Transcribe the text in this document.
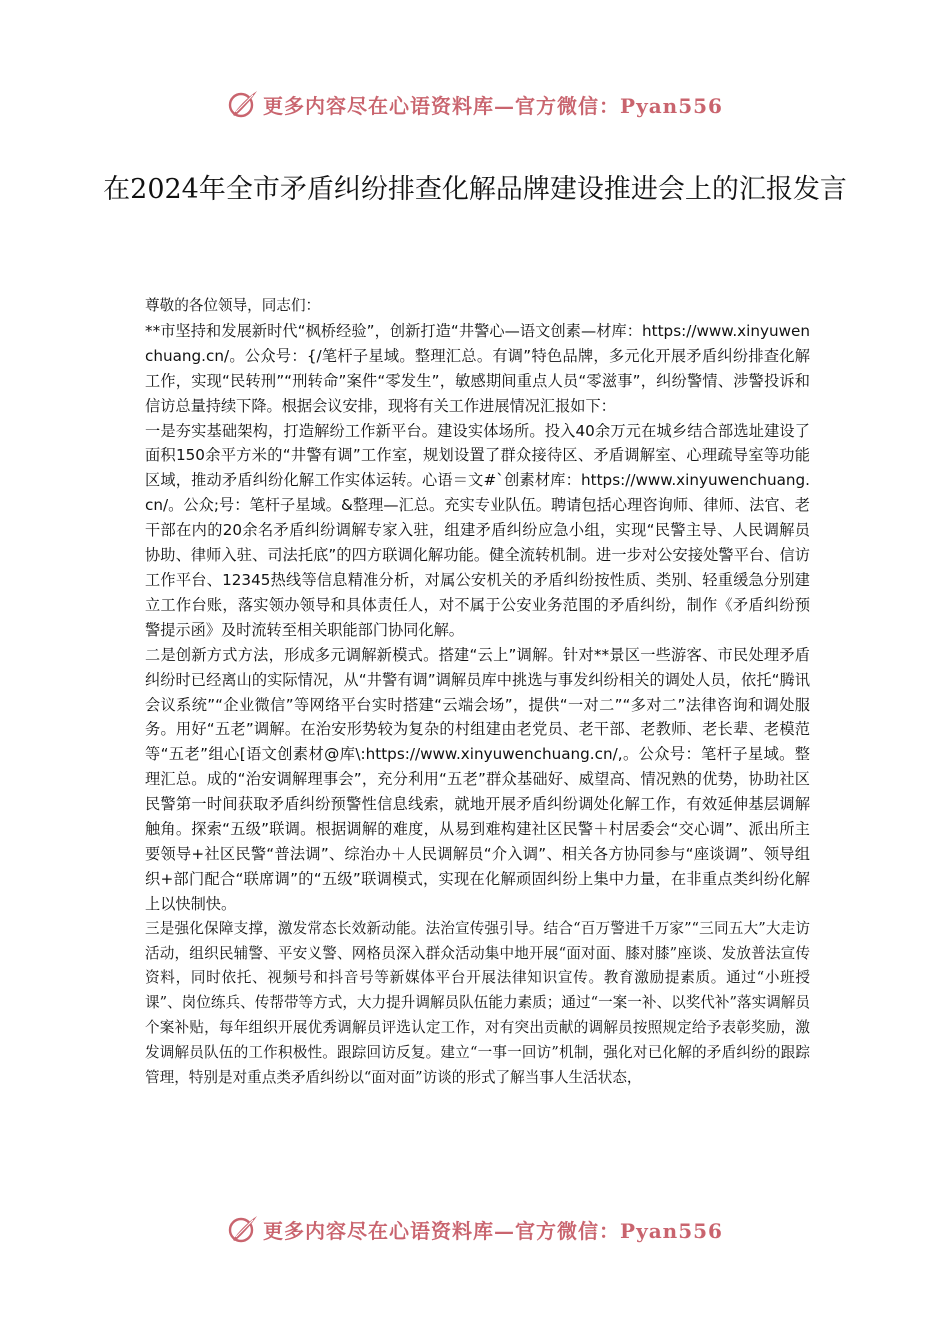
更多内容尽在心语资料库—官方微信：Pyan556
在2024年全市矛盾纠纷排查化解品牌建设推进会上的汇报发言

尊敬的各位领导，同志们：

**市坚持和发展新时代“枫桥经验”，创新打造“井警心—语文创素—材库：https://www.xinyuwenchuang.cn/。公众号：{/笔杆子星域。整理汇总。有调”特色品牌，多元化开展矛盾纠纷排查化解工作，实现“民转刑”“刑转命”案件“零发生”，敏感期间重点人员“零滋事”，纠纷警情、涉警投诉和信访总量持续下降。根据会议安排，现将有关工作进展情况汇报如下：

一是夯实基础架构，打造解纷工作新平台。建设实体场所。投入40余万元在城乡结合部选址建设了面积150余平方米的“井警有调”工作室，规划设置了群众接待区、矛盾调解室、心理疏导室等功能区域，推动矛盾纠纷化解工作实体运转。心语＝文#`创素材库：https://www.xinyuwenchuang.cn/。公众;号：笔杆子星域。&整理—汇总。充实专业队伍。聘请包括心理咨询师、律师、法官、老干部在内的20余名矛盾纠纷调解专家入驻，组建矛盾纠纷应急小组，实现“民警主导、人民调解员协助、律师入驻、司法托底”的四方联调化解功能。健全流转机制。进一步对公安接处警平台、信访工作平台、12345热线等信息精准分析，对属公安机关的矛盾纠纷按性质、类别、轻重缓急分别建立工作台账，落实领办领导和具体责任人，对不属于公安业务范围的矛盾纠纷，制作《矛盾纠纷预警提示函》及时流转至相关职能部门协同化解。

二是创新方式方法，形成多元调解新模式。搭建“云上”调解。针对**景区一些游客、市民处理矛盾纠纷时已经离山的实际情况，从“井警有调”调解员库中挑选与事发纠纷相关的调处人员，依托“腾讯会议系统”“企业微信”等网络平台实时搭建“云端会场”，提供“一对二”“多对二”法律咨询和调处服务。用好“五老”调解。在治安形势较为复杂的村组建由老党员、老干部、老教师、老长辈、老模范等“五老”组心[语文创素材@库\:https://www.xinyuwenchuang.cn/,。公众号：笔杆子星域。整理汇总。成的“治安调解理事会”，充分利用“五老”群众基础好、威望高、情况熟的优势，协助社区民警第一时间获取矛盾纠纷预警性信息线索，就地开展矛盾纠纷调处化解工作，有效延伸基层调解触角。探索“五级”联调。根据调解的难度，从易到难构建社区民警＋村居委会“交心调”、派出所主要领导+社区民警“普法调”、综治办＋人民调解员“介入调”、相关各方协同参与“座谈调”、领导组织+部门配合“联席调”的“五级”联调模式，实现在化解顽固纠纷上集中力量，在非重点类纠纷化解上以快制快。

三是强化保障支撑，激发常态长效新动能。法治宣传强引导。结合“百万警进千万家”“三同五大”大走访活动，组织民辅警、平安义警、网格员深入群众活动集中地开展“面对面、膝对膝”座谈、发放普法宣传资料，同时依托、视频号和抖音号等新媒体平台开展法律知识宣传。教育激励提素质。通过“小班授课”、岗位练兵、传帮带等方式，大力提升调解员队伍能力素质；通过“一案一补、以奖代补”落实调解员个案补贴，每年组织开展优秀调解员评选认定工作，对有突出贡献的调解员按照规定给予表彰奖励，激发调解员队伍的工作积极性。跟踪回访反复。建立“一事一回访”机制，强化对已化解的矛盾纠纷的跟踪管理，特别是对重点类矛盾纠纷以“面对面”访谈的形式了解当事人生活状态，

更多内容尽在心语资料库—官方微信：Pyan556
